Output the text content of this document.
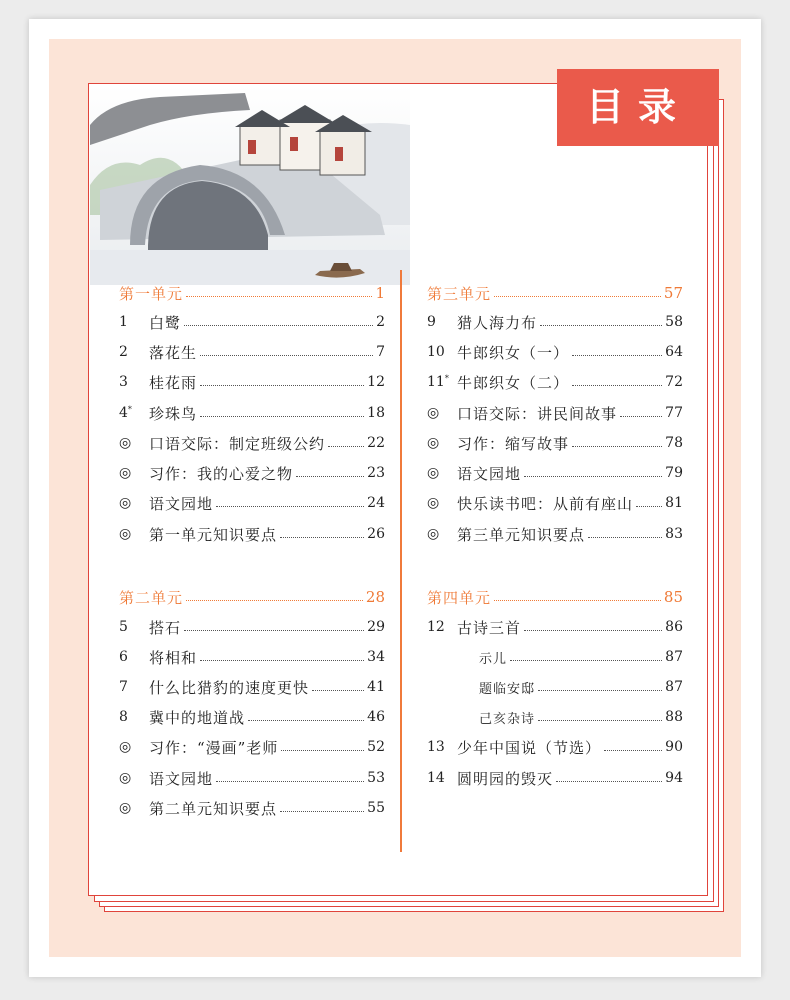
目录
第一单元	1
1	白鹭	2
2	落花生	7
3	桂花雨	12
4*	珍珠鸟	18
◎	口语交际：制定班级公约	22
◎	习作：我的心爱之物	23
◎	语文园地	24
◎	第一单元知识要点	26
第二单元	28
5	搭石	29
6	将相和	34
7	什么比猎豹的速度更快	41
8	冀中的地道战	46
◎	习作：“漫画”老师	52
◎	语文园地	53
◎	第二单元知识要点	55
第三单元	57
9	猎人海力布	58
10 牛郎织女（一）	64
11* 牛郎织女（二）	72
◎	口语交际：讲民间故事	77
◎	习作：缩写故事	78
◎	语文园地	79
◎	快乐读书吧：从前有座山 81
◎	第三单元知识要点	83
第四单元	85
12 古诗三首	86
示儿	87
题临安邸	87
己亥杂诗	88
13 少年中国说（节选）	90
14 圆明园的毁灭	94
